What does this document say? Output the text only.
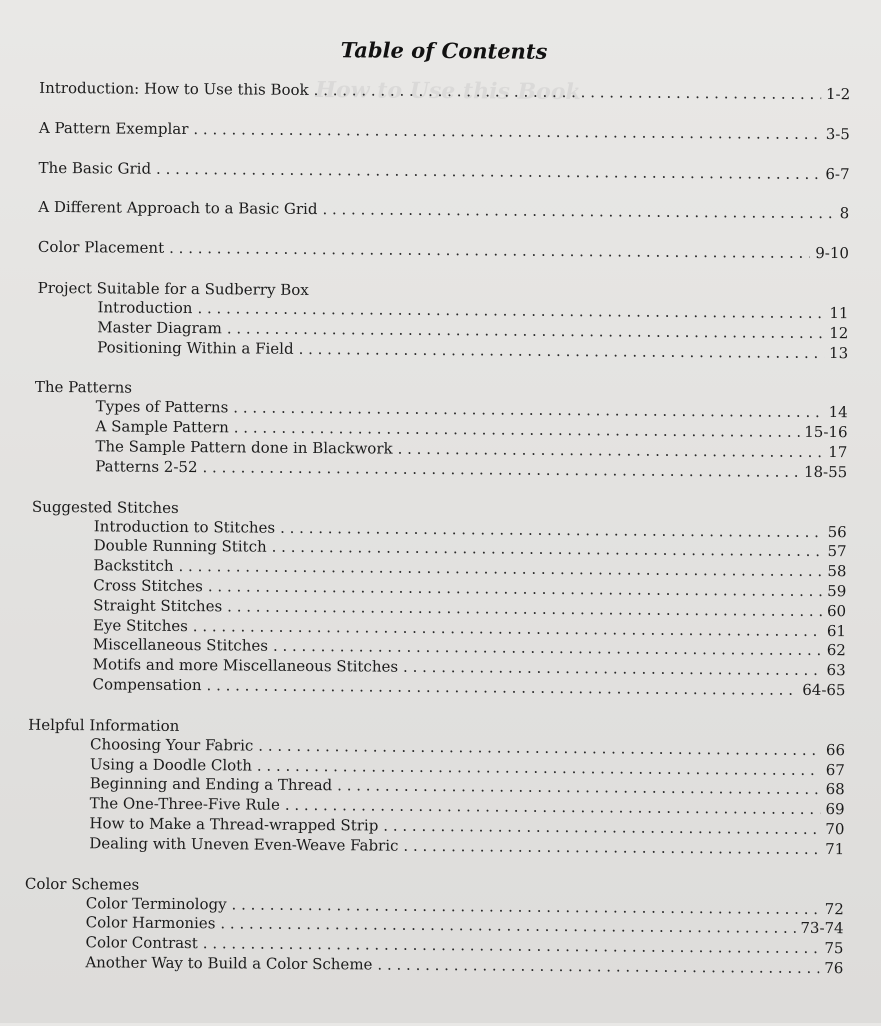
How to Use this Book
Table of Contents
Introduction: How to Use this Book . . .	1-2
A Pattern Exemplar . . .	3-5
The Basic Grid . . .	6-7
A Different Approach to a Basic Grid . . .	8
Color Placement . . .	9-10
Project Suitable for a Sudberry Box
Introduction . . .	11
Master Diagram . . .	12
Positioning Within a Field . . .	13
The Patterns
Types of Patterns . . .	14
A Sample Pattern . . .	15-16
The Sample Pattern done in Blackwork . . .	17
Patterns 2-52 . . .	18-55
Suggested Stitches
Introduction to Stitches . . .	56
Double Running Stitch . . .	57
Backstitch . . .	58
Cross Stitches . . .	59
Straight Stitches . . .	60
Eye Stitches . . .	61
Miscellaneous Stitches . . .	62
Motifs and more Miscellaneous Stitches . . .	63
Compensation . . .	64-65
Helpful Information
Choosing Your Fabric . . .	66
Using a Doodle Cloth . . .	67
Beginning and Ending a Thread . . .	68
The One-Three-Five Rule . . .	69
How to Make a Thread-wrapped Strip . . .	70
Dealing with Uneven Even-Weave Fabric . . .	71
Color Schemes
Color Terminology . . .	72
Color Harmonies . . .	73-74
Color Contrast . . .	75
Another Way to Build a Color Scheme . . .	76
